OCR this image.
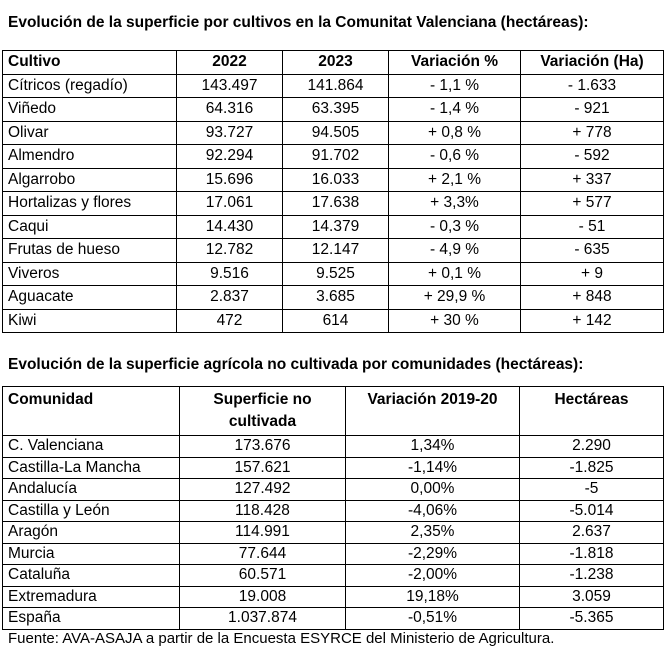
Evolución de la superficie por cultivos en la Comunitat Valenciana (hectáreas):
Cultivo	2022	2023	Variación %	Variación (Ha)
Cítricos (regadío)	143.497	141.864	- 1,1 %	- 1.633
Viñedo	64.316	63.395	- 1,4 %	- 921
Olivar	93.727	94.505	+ 0,8 %	+ 778
Almendro	92.294	91.702	- 0,6 %	- 592
Algarrobo	15.696	16.033	+ 2,1 %	+ 337
Hortalizas y flores	17.061	17.638	+ 3,3%	+ 577
Caqui	14.430	14.379	- 0,3 %	- 51
Frutas de hueso	12.782	12.147	- 4,9 %	- 635
Viveros	9.516	9.525	+ 0,1 %	+ 9
Aguacate	2.837	3.685	+ 29,9 %	+ 848
Kiwi	472	614	+ 30 %	+ 142
Evolución de la superficie agrícola no cultivada por comunidades (hectáreas):
Comunidad	Superficie no cultivada	Variación 2019-20	Hectáreas
C. Valenciana	173.676	1,34%	2.290
Castilla-La Mancha	157.621	-1,14%	-1.825
Andalucía	127.492	0,00%	-5
Castilla y León	118.428	-4,06%	-5.014
Aragón	114.991	2,35%	2.637
Murcia	77.644	-2,29%	-1.818
Cataluña	60.571	-2,00%	-1.238
Extremadura	19.008	19,18%	3.059
España	1.037.874	-0,51%	-5.365
Fuente: AVA-ASAJA a partir de la Encuesta ESYRCE del Ministerio de Agricultura.
